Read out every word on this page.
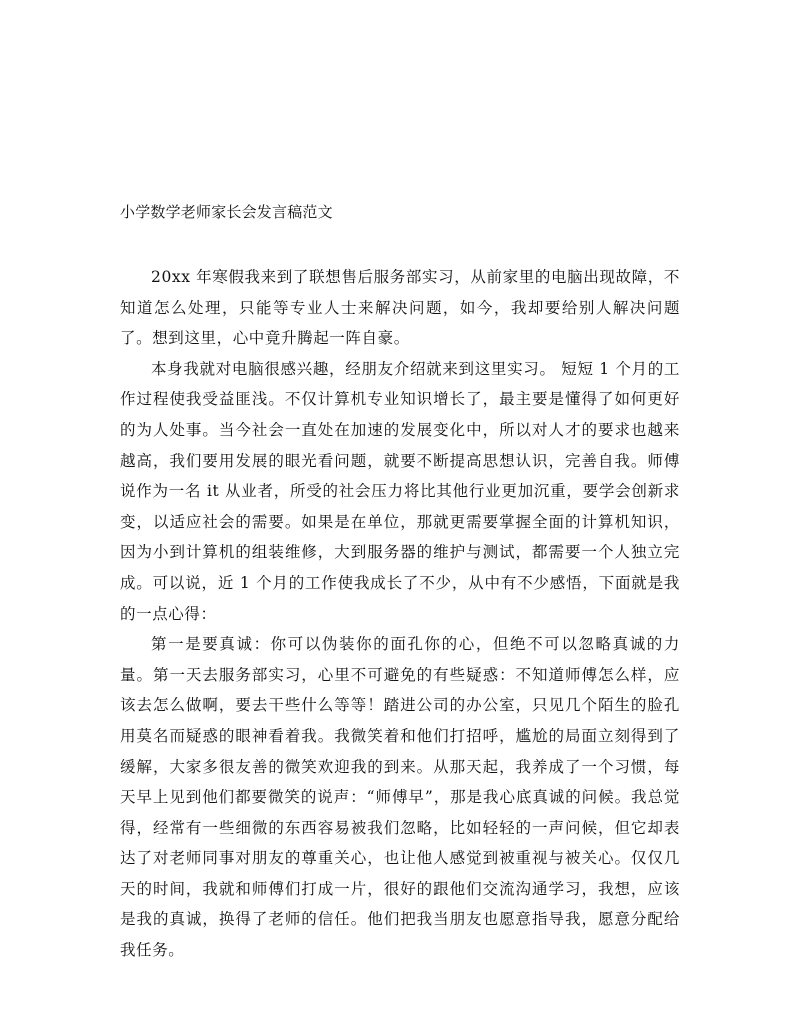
小学数学老师家长会发言稿范文

20xx 年寒假我来到了联想售后服务部实习，从前家里的电脑出现故障，不知道怎么处理，只能等专业人士来解决问题，如今，我却要给别人解决问题了。想到这里，心中竟升腾起一阵自豪。

本身我就对电脑很感兴趣，经朋友介绍就来到这里实习。 短短 1 个月的工作过程使我受益匪浅。不仅计算机专业知识增长了，最主要是懂得了如何更好的为人处事。当今社会一直处在加速的发展变化中，所以对人才的要求也越来越高，我们要用发展的眼光看问题，就要不断提高思想认识，完善自我。师傅说作为一名 it 从业者，所受的社会压力将比其他行业更加沉重，要学会创新求变，以适应社会的需要。如果是在单位，那就更需要掌握全面的计算机知识，因为小到计算机的组装维修，大到服务器的维护与测试，都需要一个人独立完成。可以说，近 1 个月的工作使我成长了不少，从中有不少感悟，下面就是我的一点心得：

第一是要真诚：你可以伪装你的面孔你的心，但绝不可以忽略真诚的力量。第一天去服务部实习，心里不可避免的有些疑惑：不知道师傅怎么样，应该去怎么做啊，要去干些什么等等！踏进公司的办公室，只见几个陌生的脸孔用莫名而疑惑的眼神看着我。我微笑着和他们打招呼，尴尬的局面立刻得到了缓解，大家多很友善的微笑欢迎我的到来。从那天起，我养成了一个习惯，每天早上见到他们都要微笑的说声：“师傅早”，那是我心底真诚的问候。我总觉得，经常有一些细微的东西容易被我们忽略，比如轻轻的一声问候，但它却表达了对老师同事对朋友的尊重关心，也让他人感觉到被重视与被关心。仅仅几天的时间，我就和师傅们打成一片，很好的跟他们交流沟通学习，我想，应该是我的真诚，换得了老师的信任。他们把我当朋友也愿意指导我，愿意分配给我任务。
